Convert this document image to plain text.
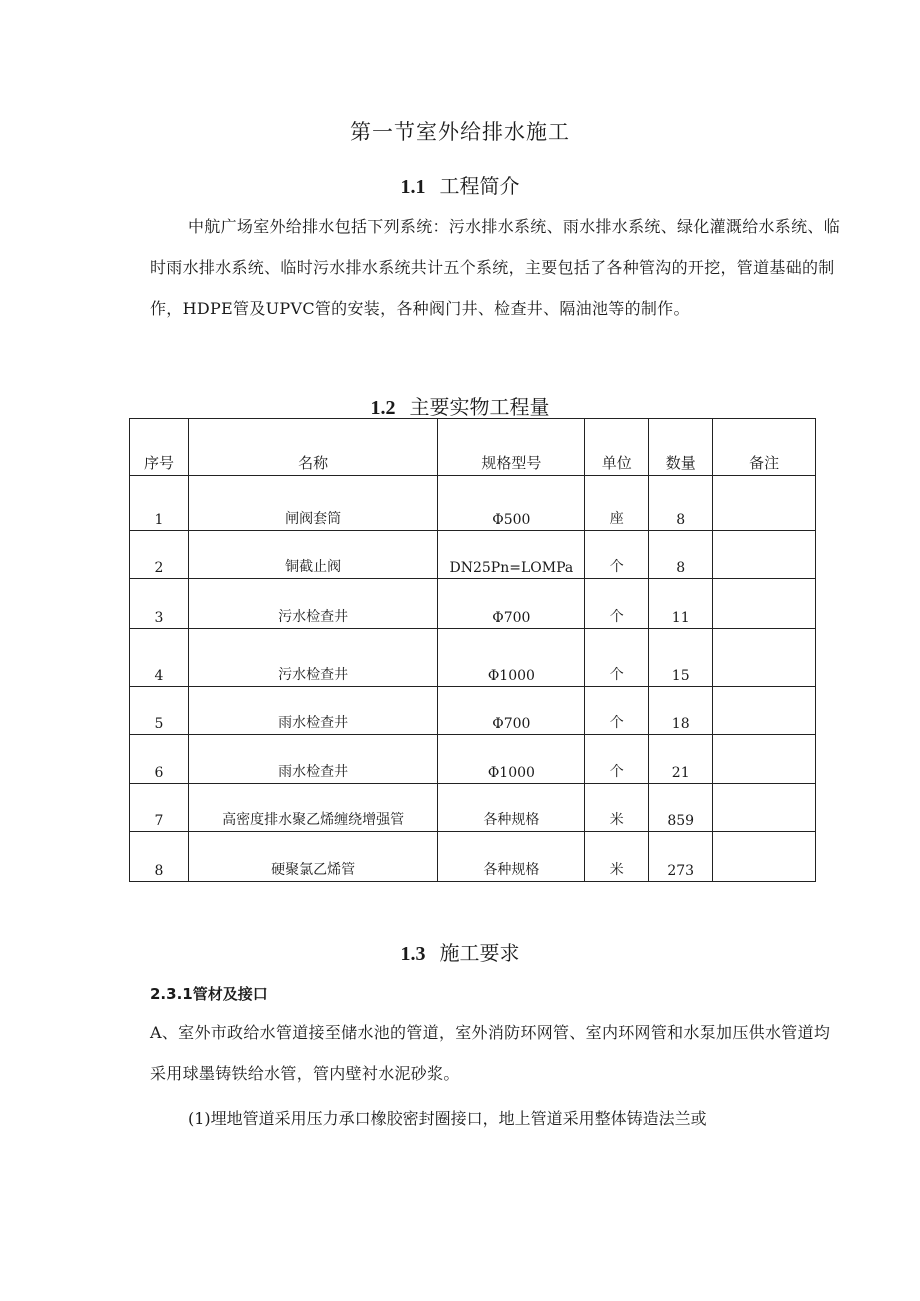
第一节室外给排水施工
1.1 工程简介
中航广场室外给排水包括下列系统：污水排水系统、雨水排水系统、绿化灌溉给水系统、临时雨水排水系统、临时污水排水系统共计五个系统，主要包括了各种管沟的开挖，管道基础的制作，HDPE管及UPVC管的安装，各种阀门井、检查井、隔油池等的制作。
1.2 主要实物工程量
序号	名称	规格型号	单位	数量	备注
1	闸阀套筒	Φ500	座	8	
2	铜截止阀	DN25Pn=LOMPa	个	8	
3	污水检查井	Φ700	个	11	
4	污水检查井	Φ1000	个	15	
5	雨水检查井	Φ700	个	18	
6	雨水检查井	Φ1000	个	21	
7	高密度排水聚乙烯缠绕增强管	各种规格	米	859	
8	硬聚氯乙烯管	各种规格	米	273	
1.3 施工要求
2.3.1管材及接口
A、室外市政给水管道接至储水池的管道，室外消防环网管、室内环网管和水泵加压供水管道均采用球墨铸铁给水管，管内壁衬水泥砂浆。
(1)埋地管道采用压力承口橡胶密封圈接口，地上管道采用整体铸造法兰或
